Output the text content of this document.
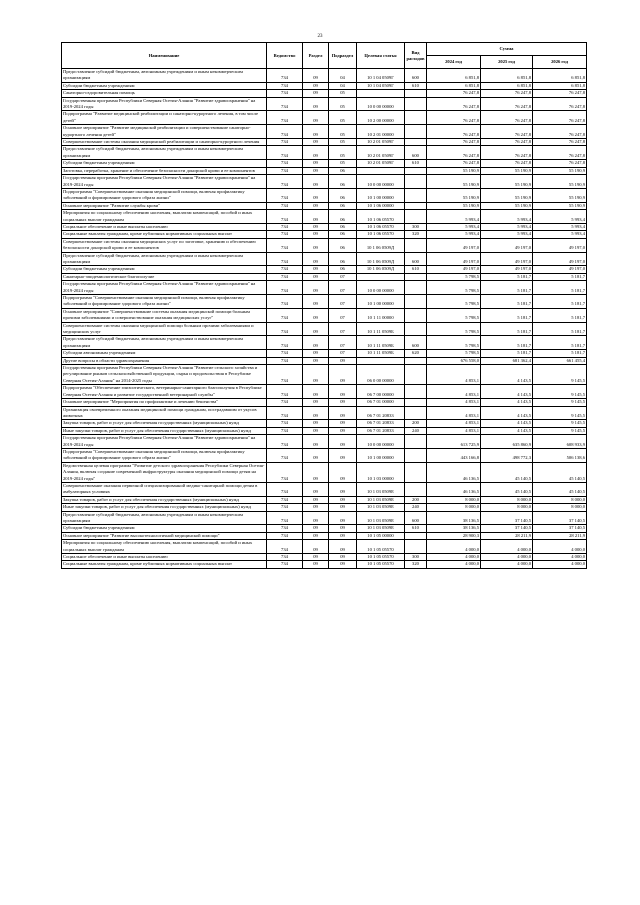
23
Наименование	Ведомство	Раздел	Подраздел	Целевая статья	Вид расходов	Сумма		
						2024 год	2025 год	2026 год
Предоставление субсидий бюджетным, автономным учреждениям и иным некоммерческим организациям	734	09	04	10 1 04 0509Г	600	6 851,8	6 851,8	6 851,8
Субсидии бюджетным учреждениям	734	09	04	10 1 04 0509Г	610	6 851,8	6 851,8	6 851,8
Санаторно-оздоровительная помощь	734	09	05			76 247,8	76 247,8	76 247,8
Государственная программа Республики Северная Осетия-Алания "Развитие здравоохранения" на 2019-2024 годы	734	09	05	10 0 00 00000		76 247,8	76 247,8	76 247,8
Подпрограмма "Развитие медицинской реабилитации и санаторно-курортного лечения, в том числе детей"	734	09	05	10 2 00 00000		76 247,8	76 247,8	76 247,8
Основное мероприятие "Развитие медицинской реабилитации и совершенствование санаторно-курортного лечения детей"	734	09	05	10 2 01 00000		76 247,8	76 247,8	76 247,8
Совершенствование системы оказания медицинской реабилитации и санаторно-курортного лечения	734	09	05	10 2 01 0509Г		76 247,8	76 247,8	76 247,8
Предоставление субсидий бюджетным, автономным учреждениям и иным некоммерческим организациям	734	09	05	10 2 01 0509Г	600	76 247,8	76 247,8	76 247,8
Субсидии бюджетным учреждениям	734	09	05	10 2 01 0509Г	610	76 247,8	76 247,8	76 247,8
Заготовка, переработка, хранение и обеспечение безопасности донорской крови и ее компонентов	734	09	06			55 190,9	55 190,9	55 190,9
Государственная программа Республики Северная Осетия-Алания "Развитие здравоохранения" на 2019-2024 годы	734	09	06	10 0 00 00000		55 190,9	55 190,9	55 190,9
Подпрограмма "Совершенствование оказания медицинской помощи, включая профилактику заболеваний и формирование здорового образа жизни"	734	09	06	10 1 00 00000		55 190,9	55 190,9	55 190,9
Основное мероприятие "Развитие службы крови"	734	09	06	10 1 06 00000		55 190,9	55 190,9	55 190,9
Мероприятия по социальному обеспечению населения, выплатам компенсаций, пособий и иных социальных выплат гражданам	734	09	06	10 1 06 05570		5 993,4	5 993,4	5 993,4
Социальное обеспечение и иные выплаты населению	734	09	06	10 1 06 05570	300	5 993,4	5 993,4	5 993,4
Социальные выплаты гражданам, кроме публичных нормативных социальных выплат	734	09	06	10 1 06 05570	320	5 993,4	5 993,4	5 993,4
Совершенствование системы оказания медицинских услуг по заготовке, хранению и обеспечению безопасности донорской крови и ее компонентов	734	09	06	10 1 06 0509Д		49 197,0	49 197,0	49 197,0
Предоставление субсидий бюджетным, автономным учреждениям и иным некоммерческим организациям	734	09	06	10 1 06 0509Д	600	49 197,0	49 197,0	49 197,0
Субсидии бюджетным учреждениям	734	09	06	10 1 06 0509Д	610	49 197,0	49 197,0	49 197,0
Санитарно-эпидемиологическое благополучие	734	09	07			5 798,5	5 181,7	5 181,7
Государственная программа Республики Северная Осетия-Алания "Развитие здравоохранения" на 2019-2024 годы	734	09	07	10 0 00 00000		5 798,5	5 181,7	5 181,7
Подпрограмма "Совершенствование оказания медицинской помощи, включая профилактику заболеваний и формирование здорового образа жизни"	734	09	07	10 1 00 00000		5 798,5	5 181,7	5 181,7
Основное мероприятие "Совершенствование системы оказания медицинской помощи больным прочими заболеваниями и совершенствование оказания медицинских услуг"	734	09	07	10 1 11 00000		5 798,5	5 181,7	5 181,7
Совершенствование системы оказания медицинской помощи больным прочими заболеваниями и медицинских услуг	734	09	07	10 1 11 0509Б		5 798,5	5 181,7	5 181,7
Предоставление субсидий бюджетным, автономным учреждениям и иным некоммерческим организациям	734	09	07	10 1 11 0509Б	600	5 798,5	5 181,7	5 181,7
Субсидии автономным учреждениям	734	09	07	10 1 11 0509Б	620	5 798,5	5 181,7	5 181,7
Другие вопросы в области здравоохранения	734	09	09			676 558,0	681 362,4	661 455,4
Государственная программа Республики Северная Осетия-Алания "Развитие сельского хозяйства и регулирование рынков сельскохозяйственной продукции, сырья и продовольствия в Республике Северная Осетия-Алания" на 2014-2025 годы	734	09	09	06 0 00 00000		4 853,1	4 143,5	9 145,5
Подпрограмма "Обеспечение эпизоотического, ветеринарно-санитарного благополучия в Республике Северная Осетия-Алания и развитие государственной ветеринарной службы"	734	09	09	06 7 00 00000		4 853,1	4 143,5	9 145,5
Основное мероприятие "Мероприятия по профилактике и лечению бешенства"	734	09	09	06 7 01 00000		4 853,1	4 143,5	9 145,5
Организация своевременного оказания медицинской помощи гражданам, пострадавшим от укусов животных	734	09	09	06 7 01 20833		4 853,1	4 143,5	9 145,5
Закупка товаров, работ и услуг для обеспечения государственных (муниципальных) нужд	734	09	09	06 7 01 20833	200	4 853,1	4 143,5	9 145,5
Иные закупки товаров, работ и услуг для обеспечения государственных (муниципальных) нужд	734	09	09	06 7 01 20833	240	4 853,1	4 143,5	9 145,5
Государственная программа Республики Северная Осетия-Алания "Развитие здравоохранения" на 2019-2024 годы	734	09	09	10 0 00 00000		613 725,9	635 860,9	608 933,9
Подпрограмма "Совершенствование оказания медицинской помощи, включая профилактику заболеваний и формирование здорового образа жизни"	734	09	09	10 1 00 00000		443 166,8	498 772,3	506 138,6
Ведомственная целевая программа "Развитие детского здравоохранения Республики Северная Осетия-Алания, включая создание современной инфраструктуры оказания медицинской помощи детям на 2019-2024 годы"	734	09	09	10 1 03 00000		46 136,5	45 140,5	45 140,5
Совершенствование оказания первичной специализированной медико-санитарной помощи детям в амбулаторных условиях	734	09	09	10 1 03 0509Е		46 136,5	45 140,5	45 140,5
Закупка товаров, работ и услуг для обеспечения государственных (муниципальных) нужд	734	09	09	10 1 03 0509Е	200	8 000,0	8 000,0	8 000,0
Иные закупки товаров, работ и услуг для обеспечения государственных (муниципальных) нужд	734	09	09	10 1 03 0509Е	240	8 000,0	8 000,0	8 000,0
Предоставление субсидий бюджетным, автономным учреждениям и иным некоммерческим организациям	734	09	09	10 1 03 0509Е	600	38 136,5	37 140,5	37 140,5
Субсидии бюджетным учреждениям	734	09	09	10 1 03 0509Е	610	38 136,5	37 140,5	37 140,5
Основное мероприятие "Развитие высокотехнологичной медицинской помощи"	734	09	09	10 1 05 00000		28 900,3	28 211,9	28 211,9
Мероприятия по социальному обеспечению населения, выплатам компенсаций, пособий и иных социальных выплат гражданам	734	09	09	10 1 05 05570		4 000,0	4 000,0	4 000,0
Социальное обеспечение и иные выплаты населению	734	09	09	10 1 05 05570	300	4 000,0	4 000,0	4 000,0
Социальные выплаты гражданам, кроме публичных нормативных социальных выплат	734	09	09	10 1 05 05570	320	4 000,0	4 000,0	4 000,0
